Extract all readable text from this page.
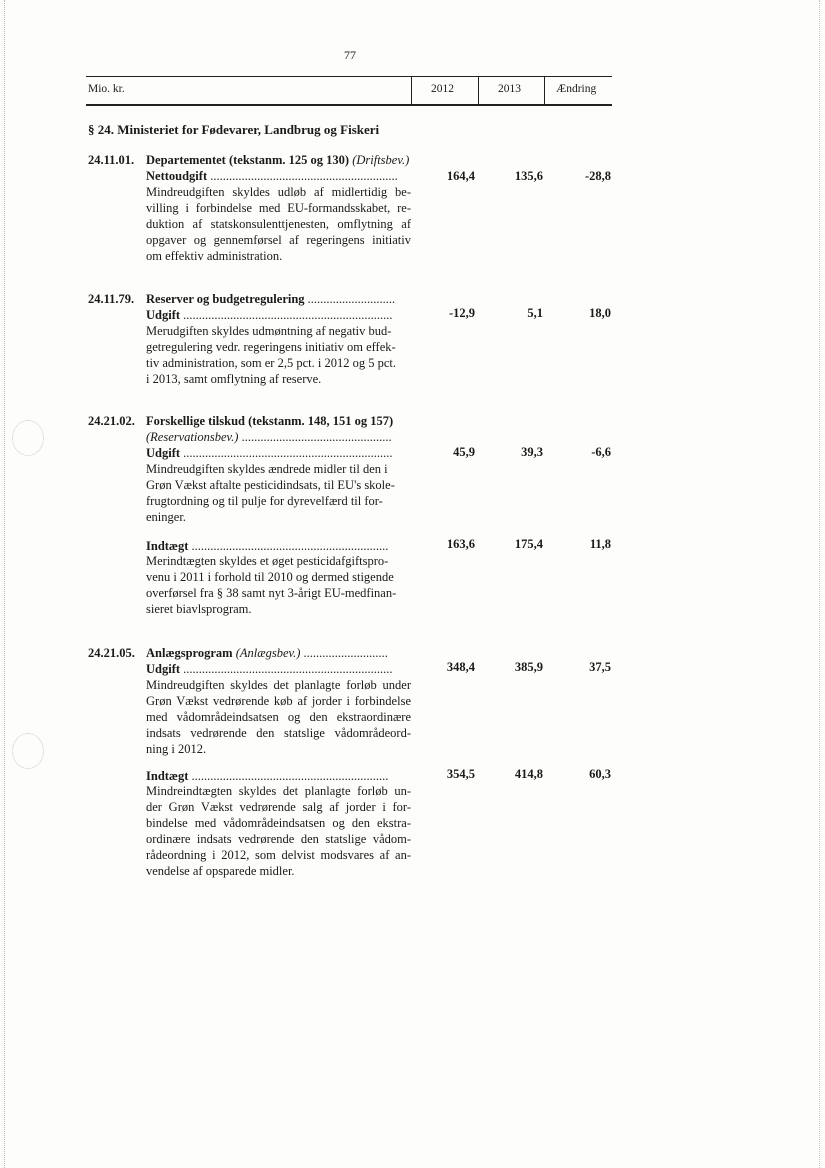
77
Mio. kr.	2012	2013	Ændring
§ 24. Ministeriet for Fødevarer, Landbrug og Fiskeri
24.11.01. Departementet (tekstanm. 125 og 130) (Driftsbev.)
Nettoudgift ............................................................	164,4	135,6	-28,8
Mindreudgiften skyldes udløb af midlertidig be-
villing i forbindelse med EU-formandsskabet, re-
duktion af statskonsulenttjenesten, omflytning af
opgaver og gennemførsel af regeringens initiativ
om effektiv administration.
24.11.79. Reserver og budgetregulering ............................
Udgift ...................................................................	-12,9	5,1	18,0
Merudgiften skyldes udmøntning af negativ bud-
getregulering vedr. regeringens initiativ om effek-
tiv administration, som er 2,5 pct. i 2012 og 5 pct.
i 2013, samt omflytning af reserve.
24.21.02. Forskellige tilskud (tekstanm. 148, 151 og 157)
(Reservationsbev.) ................................................
Udgift ...................................................................	45,9	39,3	-6,6
Mindreudgiften skyldes ændrede midler til den i
Grøn Vækst aftalte pesticidindsats, til EU's skole-
frugtordning og til pulje for dyrevelfærd til for-
eninger.
Indtægt ...............................................................	163,6	175,4	11,8
Merindtægten skyldes et øget pesticidafgiftspro-
venu i 2011 i forhold til 2010 og dermed stigende
overførsel fra § 38 samt nyt 3-årigt EU-medfinan-
sieret biavlsprogram.
24.21.05. Anlægsprogram (Anlægsbev.) ...........................
Udgift ...................................................................	348,4	385,9	37,5
Mindreudgiften skyldes det planlagte forløb under
Grøn Vækst vedrørende køb af jorder i forbindelse
med vådområdeindsatsen og den ekstraordinære
indsats vedrørende den statslige vådområdeord-
ning i 2012.
Indtægt ...............................................................	354,5	414,8	60,3
Mindreindtægten skyldes det planlagte forløb un-
der Grøn Vækst vedrørende salg af jorder i for-
bindelse med vådområdeindsatsen og den ekstra-
ordinære indsats vedrørende den statslige vådom-
rådeordning i 2012, som delvist modsvares af an-
vendelse af opsparede midler.
